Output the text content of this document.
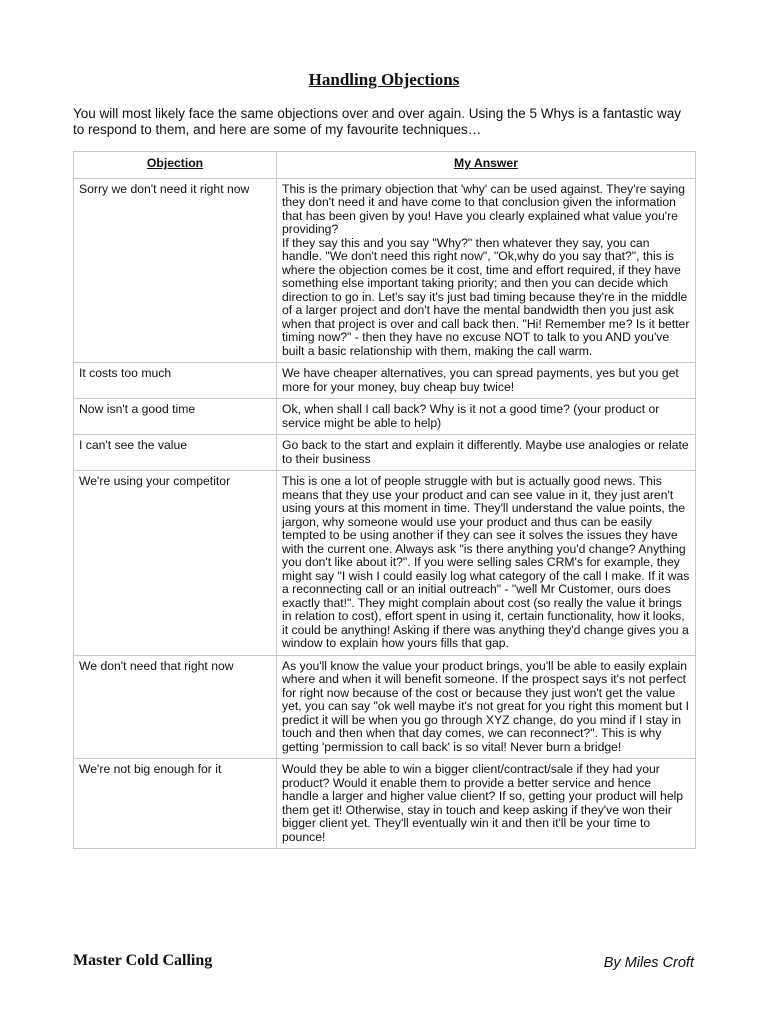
Handling Objections
You will most likely face the same objections over and over again. Using the 5 Whys is a fantastic way to respond to them, and here are some of my favourite techniques…
Objection	My Answer
Sorry we don't need it right now	This is the primary objection that 'why' can be used against. They're saying they don't need it and have come to that conclusion given the information that has been given by you! Have you clearly explained what value you're providing?
If they say this and you say "Why?" then whatever they say, you can handle. "We don't need this right now", "Ok,why do you say that?", this is where the objection comes be it cost, time and effort required, if they have something else important taking priority; and then you can decide which direction to go in. Let's say it's just bad timing because they're in the middle of a larger project and don't have the mental bandwidth then you just ask when that project is over and call back then. "Hi! Remember me? Is it better timing now?" - then they have no excuse NOT to talk to you AND you've built a basic relationship with them, making the call warm.
It costs too much	We have cheaper alternatives, you can spread payments, yes but you get more for your money, buy cheap buy twice!
Now isn't a good time	Ok, when shall I call back? Why is it not a good time? (your product or service might be able to help)
I can't see the value	Go back to the start and explain it differently. Maybe use analogies or relate to their business
We're using your competitor	This is one a lot of people struggle with but is actually good news. This means that they use your product and can see value in it, they just aren't using yours at this moment in time. They'll understand the value points, the jargon, why someone would use your product and thus can be easily tempted to be using another if they can see it solves the issues they have with the current one. Always ask "is there anything you'd change? Anything you don't like about it?". If you were selling sales CRM's for example, they might say "I wish I could easily log what category of the call I make. If it was a reconnecting call or an initial outreach" - "well Mr Customer, ours does exactly that!". They might complain about cost (so really the value it brings in relation to cost), effort spent in using it, certain functionality, how it looks, it could be anything! Asking if there was anything they'd change gives you a window to explain how yours fills that gap.
We don't need that right now	As you'll know the value your product brings, you'll be able to easily explain where and when it will benefit someone. If the prospect says it's not perfect for right now because of the cost or because they just won't get the value yet, you can say "ok well maybe it's not great for you right this moment but I predict it will be when you go through XYZ change, do you mind if I stay in touch and then when that day comes, we can reconnect?". This is why getting 'permission to call back' is so vital! Never burn a bridge!
We're not big enough for it	Would they be able to win a bigger client/contract/sale if they had your product? Would it enable them to provide a better service and hence handle a larger and higher value client? If so, getting your product will help them get it! Otherwise, stay in touch and keep asking if they've won their bigger client yet. They'll eventually win it and then it'll be your time to pounce!
Master Cold Calling	By Miles Croft
